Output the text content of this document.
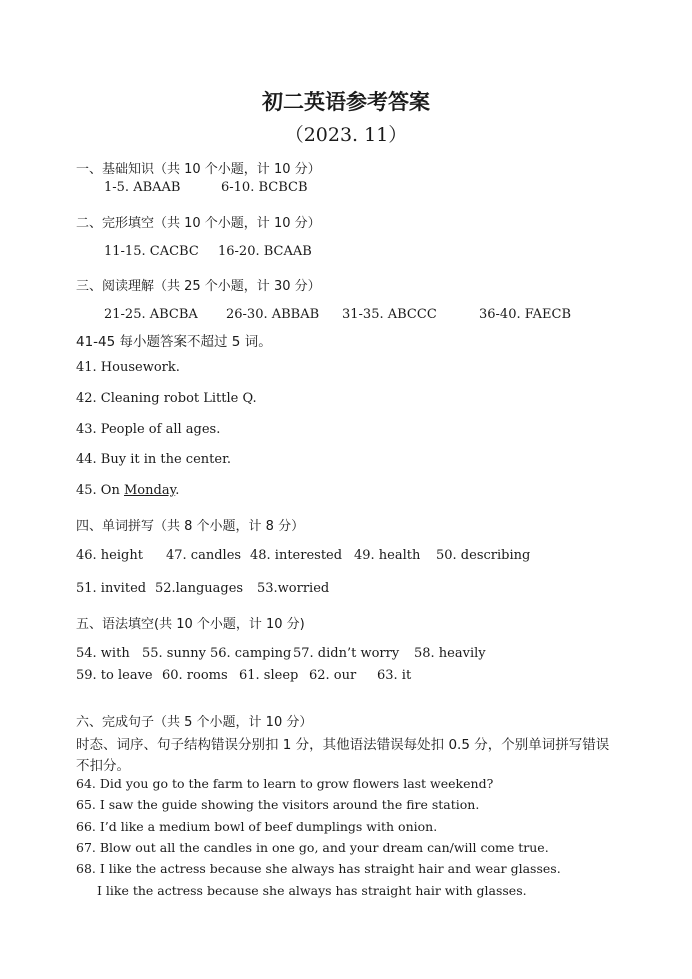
初二英语参考答案
（2023. 11）
一、基础知识（共 10 个小题，计 10 分）
1-5. ABAAB	6-10. BCBCB
二、完形填空（共 10 个小题，计 10 分）
11-15. CACBC 16-20. BCAAB
三、阅读理解（共 25 个小题，计 30 分）
21-25. ABCBA 26-30. ABBAB 31-35. ABCCC	36-40. FAECB
41-45 每小题答案不超过 5 词。
41. Housework.
42. Cleaning robot Little Q.
43. People of all ages.
44. Buy it in the center.
45. On Monday.
四、单词拼写（共 8 个小题，计 8 分）
46. height 47. candles 48. interested 49. health 50. describing
51. invited 52.languages 53.worried
五、语法填空(共 10 个小题，计 10 分)
54. with 55. sunny 56. camping 57. didn’t worry 58. heavily
59. to leave 60. rooms 61. sleep 62. our 63. it
六、完成句子（共 5 个小题，计 10 分）
时态、词序、句子结构错误分别扣 1 分，其他语法错误每处扣 0.5 分，个别单词拼写错误
不扣分。
64. Did you go to the farm to learn to grow flowers last weekend?
65. I saw the guide showing the visitors around the fire station.
66. I’d like a medium bowl of beef dumplings with onion.
67. Blow out all the candles in one go, and your dream can/will come true.
68. I like the actress because she always has straight hair and wear glasses.
I like the actress because she always has straight hair with glasses.
